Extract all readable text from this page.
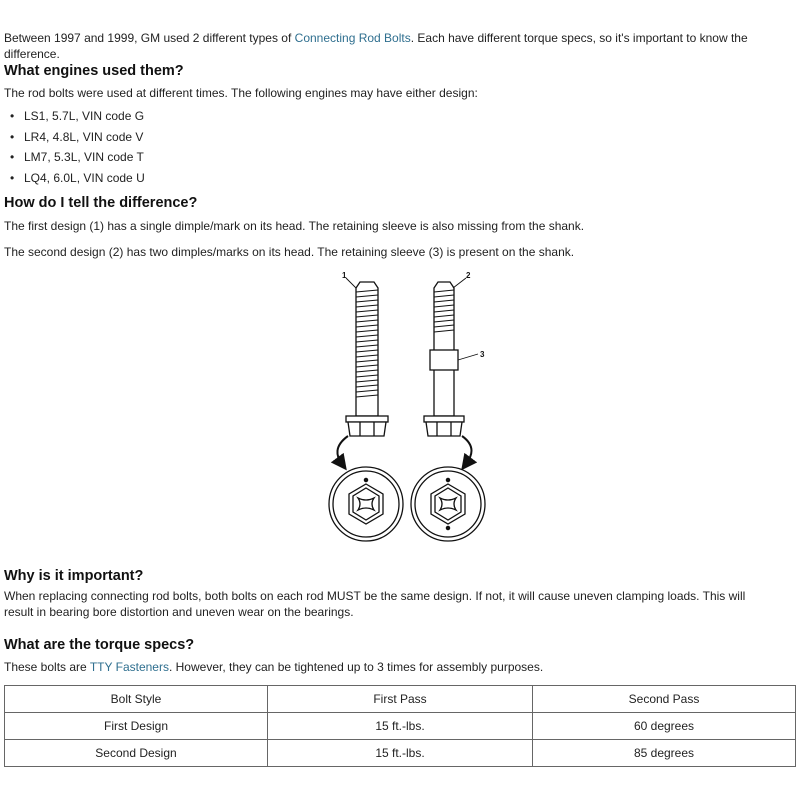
Between 1997 and 1999, GM used 2 different types of Connecting Rod Bolts. Each have different torque specs, so it's important to know the difference.

What engines used them?

The rod bolts were used at different times. The following engines may have either design:

• LS1, 5.7L, VIN code G
• LR4, 4.8L, VIN code V
• LM7, 5.3L, VIN code T
• LQ4, 6.0L, VIN code U
How do I tell the difference?

The first design (1) has a single dimple/mark on its head. The retaining sleeve is also missing from the shank.

The second design (2) has two dimples/marks on its head. The retaining sleeve (3) is present on the shank.

1	2
3
Why is it important?

When replacing connecting rod bolts, both bolts on each rod MUST be the same design. If not, it will cause uneven clamping loads. This will result in bearing bore distortion and uneven wear on the bearings.

What are the torque specs?

These bolts are TTY Fasteners. However, they can be tightened up to 3 times for assembly purposes.

Bolt Style	First Pass	Second Pass
First Design	15 ft.-lbs.	60 degrees
Second Design	15 ft.-lbs.	85 degrees
